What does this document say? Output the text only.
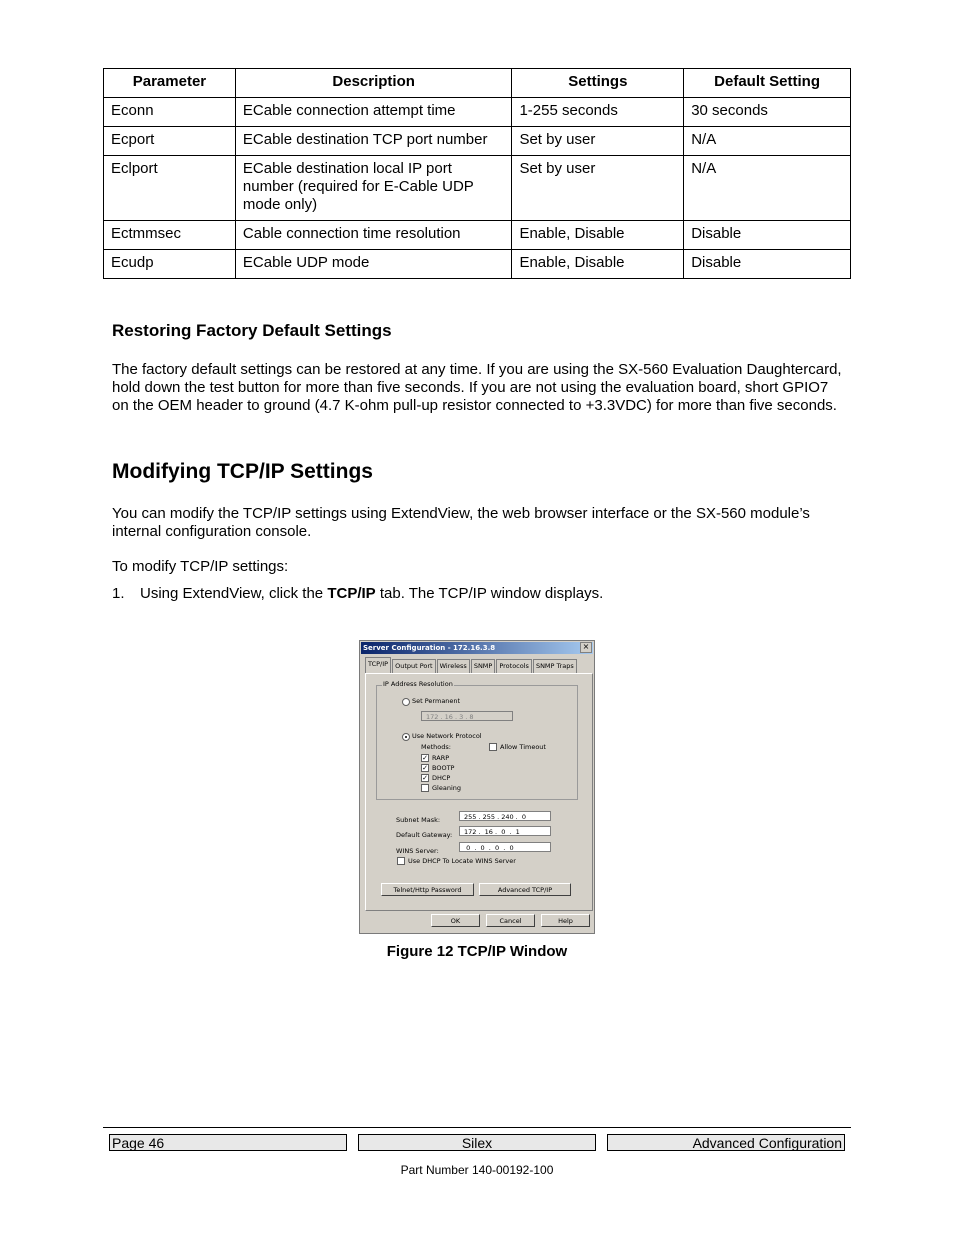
Parameter	Description	Settings	Default Setting
Econn	ECable connection attempt time	1-255 seconds	30 seconds
Ecport	ECable destination TCP port number	Set by user	N/A
Eclport	ECable destination local IP port number (required for E-Cable UDP mode only)	Set by user	N/A
Ectmmsec	Cable connection time resolution	Enable, Disable	Disable
Ecudp	ECable UDP mode	Enable, Disable	Disable
Restoring Factory Default Settings

The factory default settings can be restored at any time. If you are using the SX-560 Evaluation Daughtercard, hold down the test button for more than five seconds. If you are not using the evaluation board, short GPIO7 on the OEM header to ground (4.7 K-ohm pull-up resistor connected to +3.3VDC) for more than five seconds.

Modifying TCP/IP Settings

You can modify the TCP/IP settings using ExtendView, the web browser interface or the SX-560 module’s internal configuration console.

To modify TCP/IP settings:

1. Using ExtendView, click the TCP/IP tab. The TCP/IP window displays.
Server Configuration - 172.16.3.8	×
TCP/IP	Output Port	Wireless	SNMP	Protocols	SNMP Traps
IP Address Resolution
Set Permanent
172 . 16 . 3 . 8
Use Network Protocol
Methods:	Allow Timeout
✓ RARP
✓ BOOTP
✓ DHCP
Gleaning
Subnet Mask:	255 . 255 . 240 .  0
Default Gateway:	172 .  16 .  0  .  1
WINS Server:	0  .  0  .  0  .  0
Use DHCP To Locate WINS Server
Telnet/Http Password	Advanced TCP/IP
OK	Cancel	Help
Figure 12 TCP/IP Window
Page 46	Silex	Advanced Configuration
Part Number 140-00192-100
